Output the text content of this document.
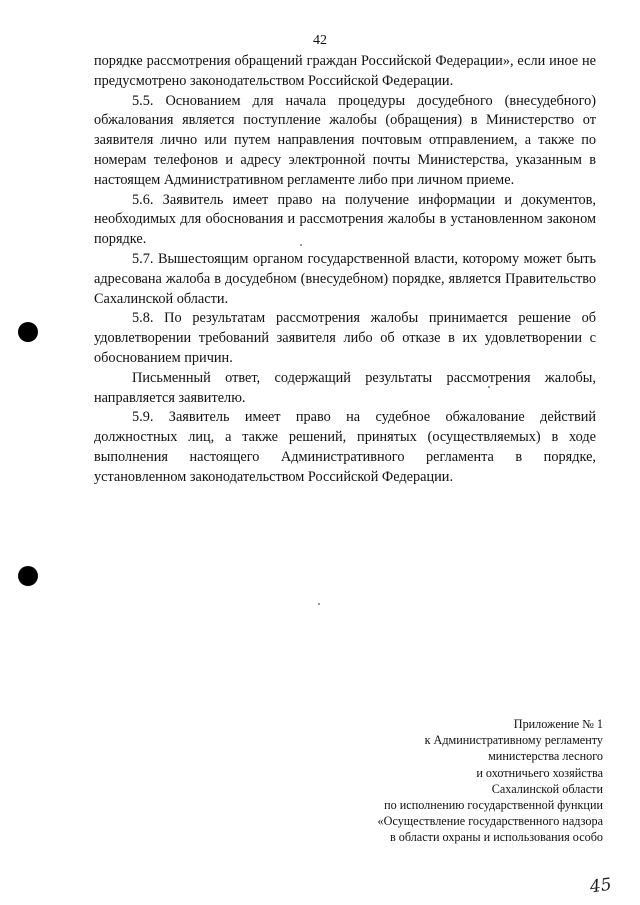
42

порядке рассмотрения обращений граждан Российской Федерации», если иное не предусмотрено законодательством Российской Федерации.

5.5. Основанием для начала процедуры досудебного (внесудебного) обжалования является поступление жалобы (обращения) в Министерство от заявителя лично или путем направления почтовым отправлением, а также по номерам телефонов и адресу электронной почты Министерства, указанным в настоящем Административном регламенте либо при личном приеме.

5.6. Заявитель имеет право на получение информации и документов, необходимых для обоснования и рассмотрения жалобы в установленном законом порядке.

5.7. Вышестоящим органом государственной власти, которому может быть адресована жалоба в досудебном (внесудебном) порядке, является Правительство Сахалинской области.

5.8. По результатам рассмотрения жалобы принимается решение об удовлетворении требований заявителя либо об отказе в их удовлетворении с обоснованием причин.

Письменный ответ, содержащий результаты рассмотрения жалобы, направляется заявителю.

5.9. Заявитель имеет право на судебное обжалование действий должностных лиц, а также решений, принятых (осуществляемых) в ходе выполнения настоящего Административного регламента в порядке, установленном законодательством Российской Федерации.

Приложение № 1
к Административному регламенту
министерства лесного
и охотничьего хозяйства
Сахалинской области
по исполнению государственной функции
«Осуществление государственного надзора
в области охраны и использования особо
45
